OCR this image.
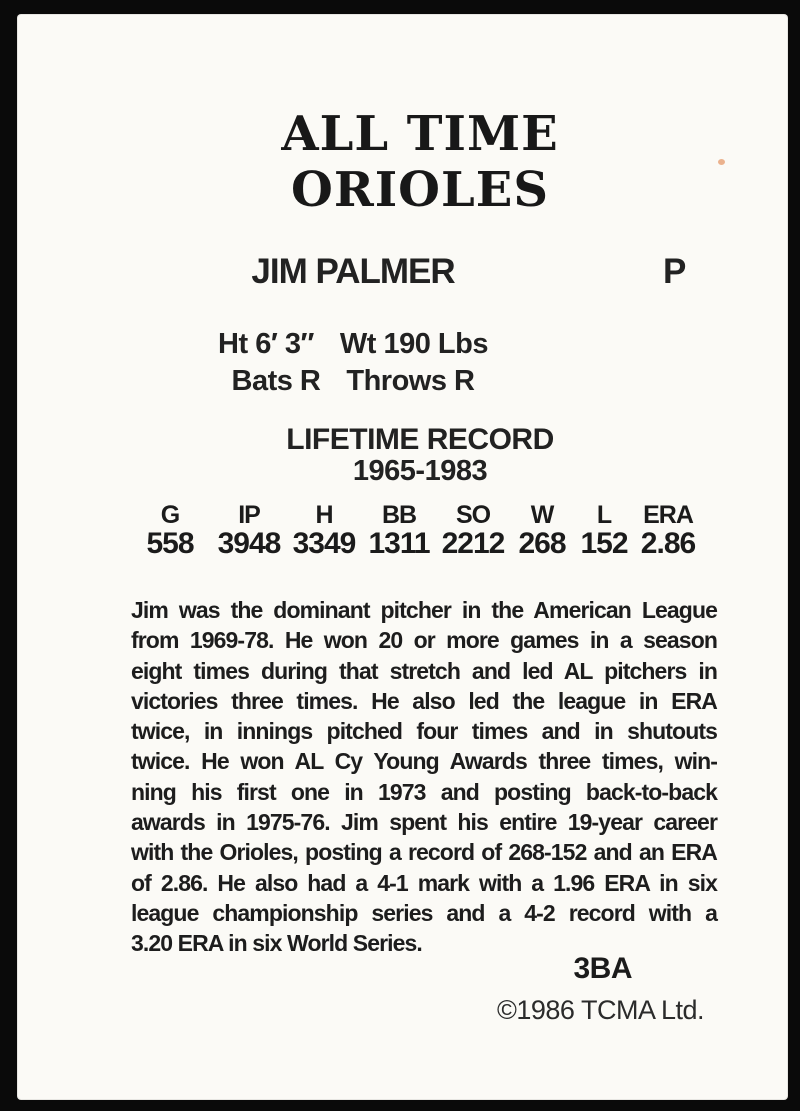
ALL TIME
ORIOLES
JIM PALMER	P
Ht 6′ 3″ Wt 190 Lbs
Bats R Throws R
LIFETIME RECORD
1965-1983
G	IP	H	BB	SO	W	L	ERA
558 3948 3349 1311 2212 268 152 2.86
Jim was the dominant pitcher in the American League
from 1969-78. He won 20 or more games in a season
eight times during that stretch and led AL pitchers in
victories three times. He also led the league in ERA
twice, in innings pitched four times and in shutouts
twice. He won AL Cy Young Awards three times, win-
ning his first one in 1973 and posting back-to-back
awards in 1975-76. Jim spent his entire 19-year career
with the Orioles, posting a record of 268-152 and an ERA
of 2.86. He also had a 4-1 mark with a 1.96 ERA in six
league championship series and a 4-2 record with a
3.20 ERA in six World Series.
3BA
©1986 TCMA Ltd.
